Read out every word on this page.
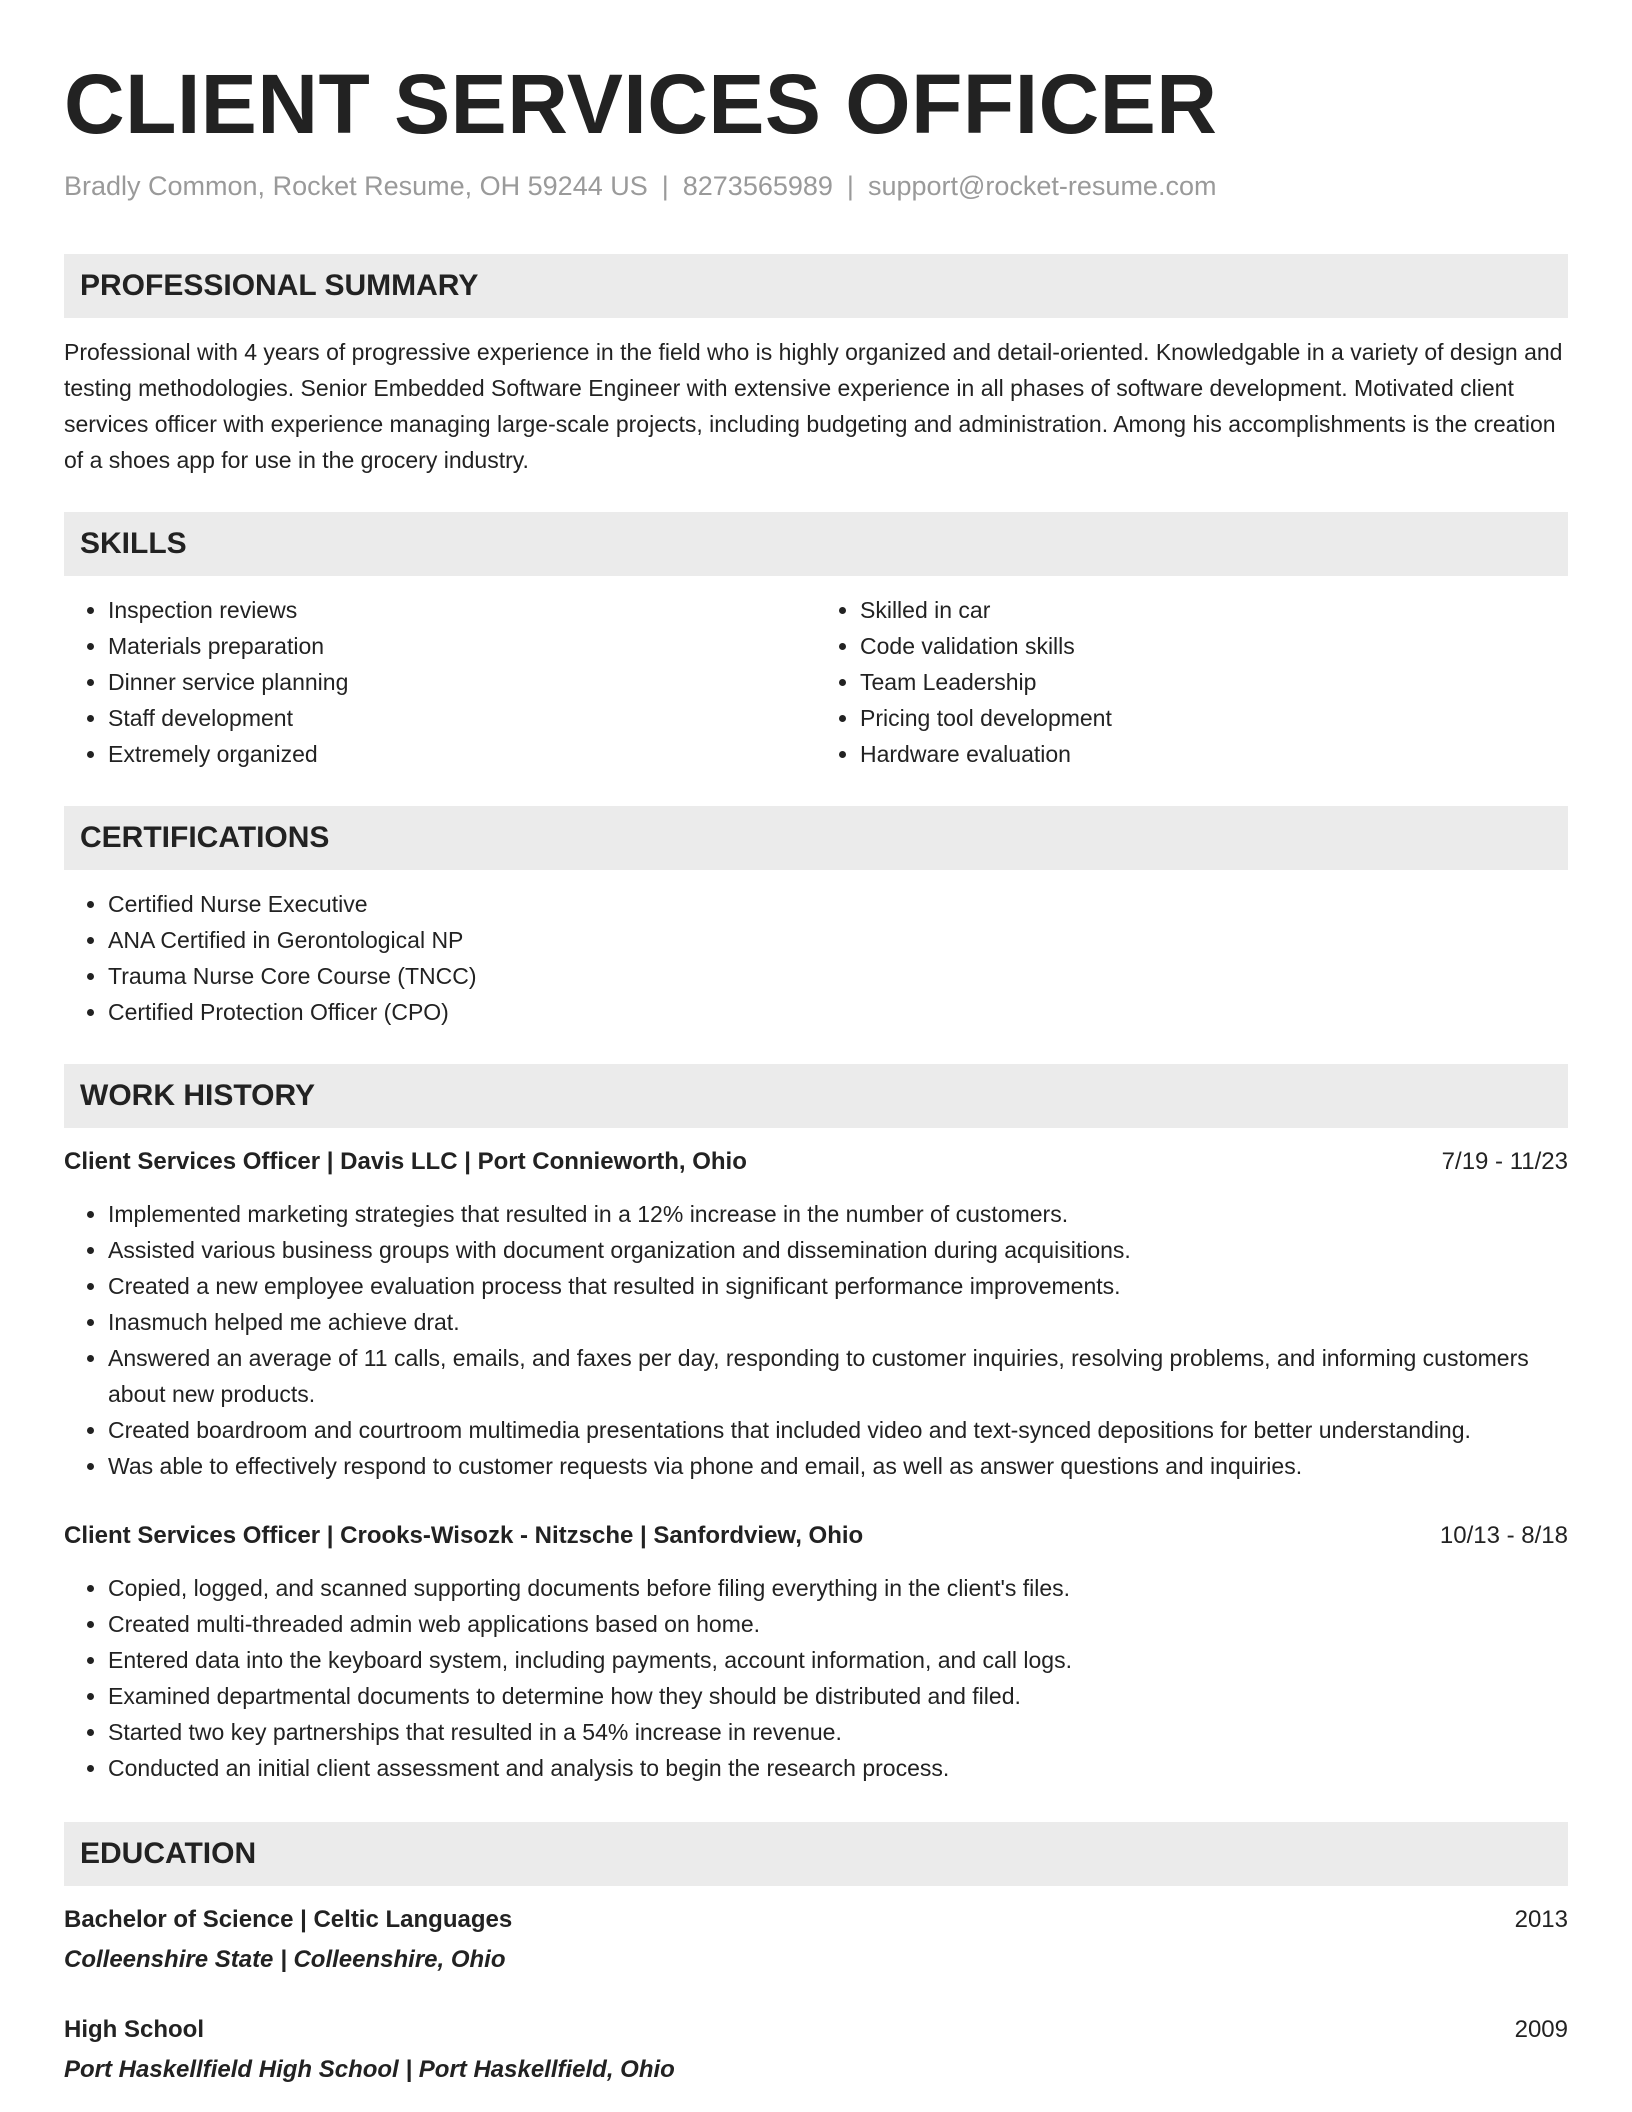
CLIENT SERVICES OFFICER
Bradly Common, Rocket Resume, OH 59244 US | 8273565989 | support@rocket-resume.com
PROFESSIONAL SUMMARY

Professional with 4 years of progressive experience in the field who is highly organized and detail-oriented. Knowledgable in a variety of design and testing methodologies. Senior Embedded Software Engineer with extensive experience in all phases of software development. Motivated client services officer with experience managing large-scale projects, including budgeting and administration. Among his accomplishments is the creation of a shoes app for use in the grocery industry.

SKILLS
• Inspection reviews
• Materials preparation
• Dinner service planning
• Staff development
• Extremely organized
• Skilled in car
• Code validation skills
• Team Leadership
• Pricing tool development
• Hardware evaluation
CERTIFICATIONS
• Certified Nurse Executive
• ANA Certified in Gerontological NP
• Trauma Nurse Core Course (TNCC)
• Certified Protection Officer (CPO)
WORK HISTORY
Client Services Officer | Davis LLC | Port Connieworth, Ohio	7/19 - 11/23
• Implemented marketing strategies that resulted in a 12% increase in the number of customers.
• Assisted various business groups with document organization and dissemination during acquisitions.
• Created a new employee evaluation process that resulted in significant performance improvements.
• Inasmuch helped me achieve drat.
• Answered an average of 11 calls, emails, and faxes per day, responding to customer inquiries, resolving problems, and informing customers about new products.
• Created boardroom and courtroom multimedia presentations that included video and text-synced depositions for better understanding.
• Was able to effectively respond to customer requests via phone and email, as well as answer questions and inquiries.
Client Services Officer | Crooks-Wisozk - Nitzsche | Sanfordview, Ohio	10/13 - 8/18
• Copied, logged, and scanned supporting documents before filing everything in the client's files.
• Created multi-threaded admin web applications based on home.
• Entered data into the keyboard system, including payments, account information, and call logs.
• Examined departmental documents to determine how they should be distributed and filed.
• Started two key partnerships that resulted in a 54% increase in revenue.
• Conducted an initial client assessment and analysis to begin the research process.
EDUCATION
Bachelor of Science | Celtic Languages	2013
Colleenshire State | Colleenshire, Ohio
High School	2009
Port Haskellfield High School | Port Haskellfield, Ohio
